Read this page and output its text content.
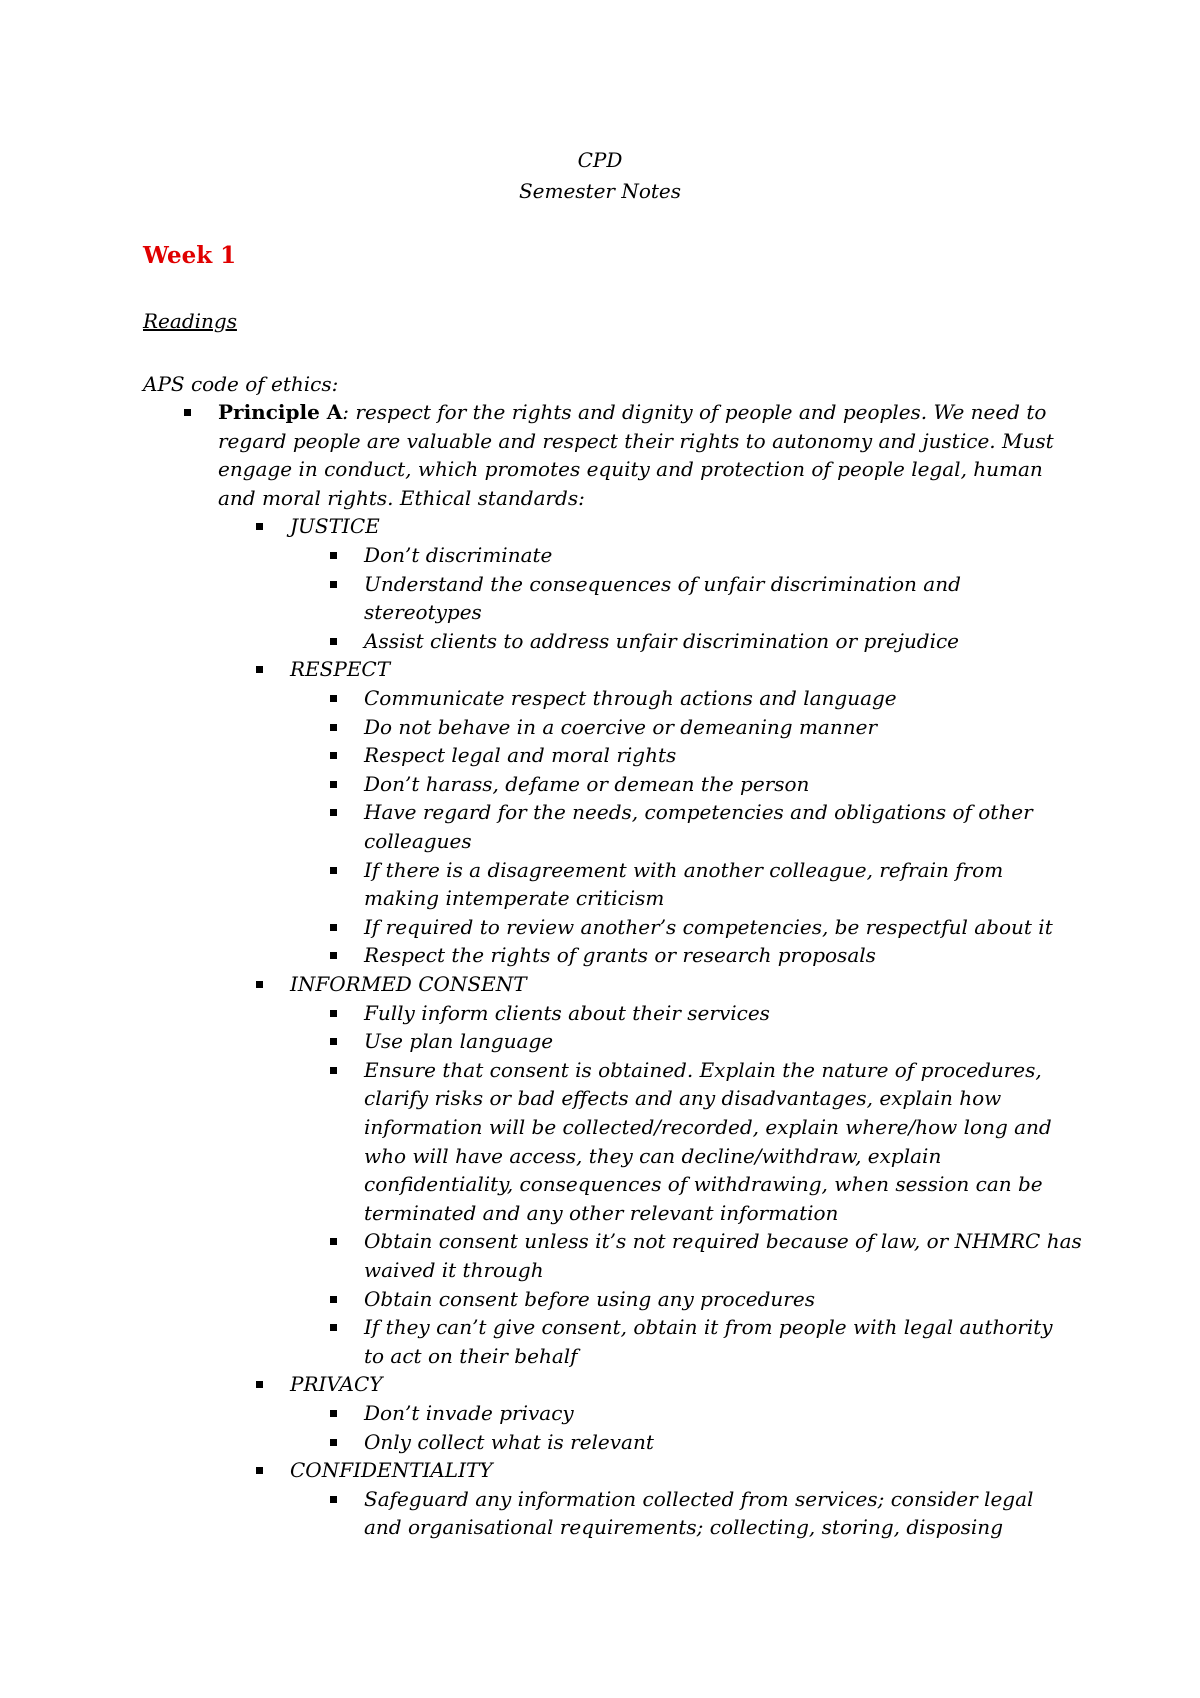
CPD
Semester Notes
Week 1
Readings
APS code of ethics:
Principle A: respect for the rights and dignity of people and peoples. We need to
regard people are valuable and respect their rights to autonomy and justice. Must
engage in conduct, which promotes equity and protection of people legal, human
and moral rights. Ethical standards:
JUSTICE
Don’t discriminate
Understand the consequences of unfair discrimination and
stereotypes
Assist clients to address unfair discrimination or prejudice
RESPECT
Communicate respect through actions and language
Do not behave in a coercive or demeaning manner
Respect legal and moral rights
Don’t harass, defame or demean the person
Have regard for the needs, competencies and obligations of other
colleagues
If there is a disagreement with another colleague, refrain from
making intemperate criticism
If required to review another’s competencies, be respectful about it
Respect the rights of grants or research proposals
INFORMED CONSENT
Fully inform clients about their services
Use plan language
Ensure that consent is obtained. Explain the nature of procedures,
clarify risks or bad effects and any disadvantages, explain how
information will be collected/recorded, explain where/how long and
who will have access, they can decline/withdraw, explain
confidentiality, consequences of withdrawing, when session can be
terminated and any other relevant information
Obtain consent unless it’s not required because of law, or NHMRC has
waived it through
Obtain consent before using any procedures
If they can’t give consent, obtain it from people with legal authority
to act on their behalf
PRIVACY
Don’t invade privacy
Only collect what is relevant
CONFIDENTIALITY
Safeguard any information collected from services; consider legal
and organisational requirements; collecting, storing, disposing
